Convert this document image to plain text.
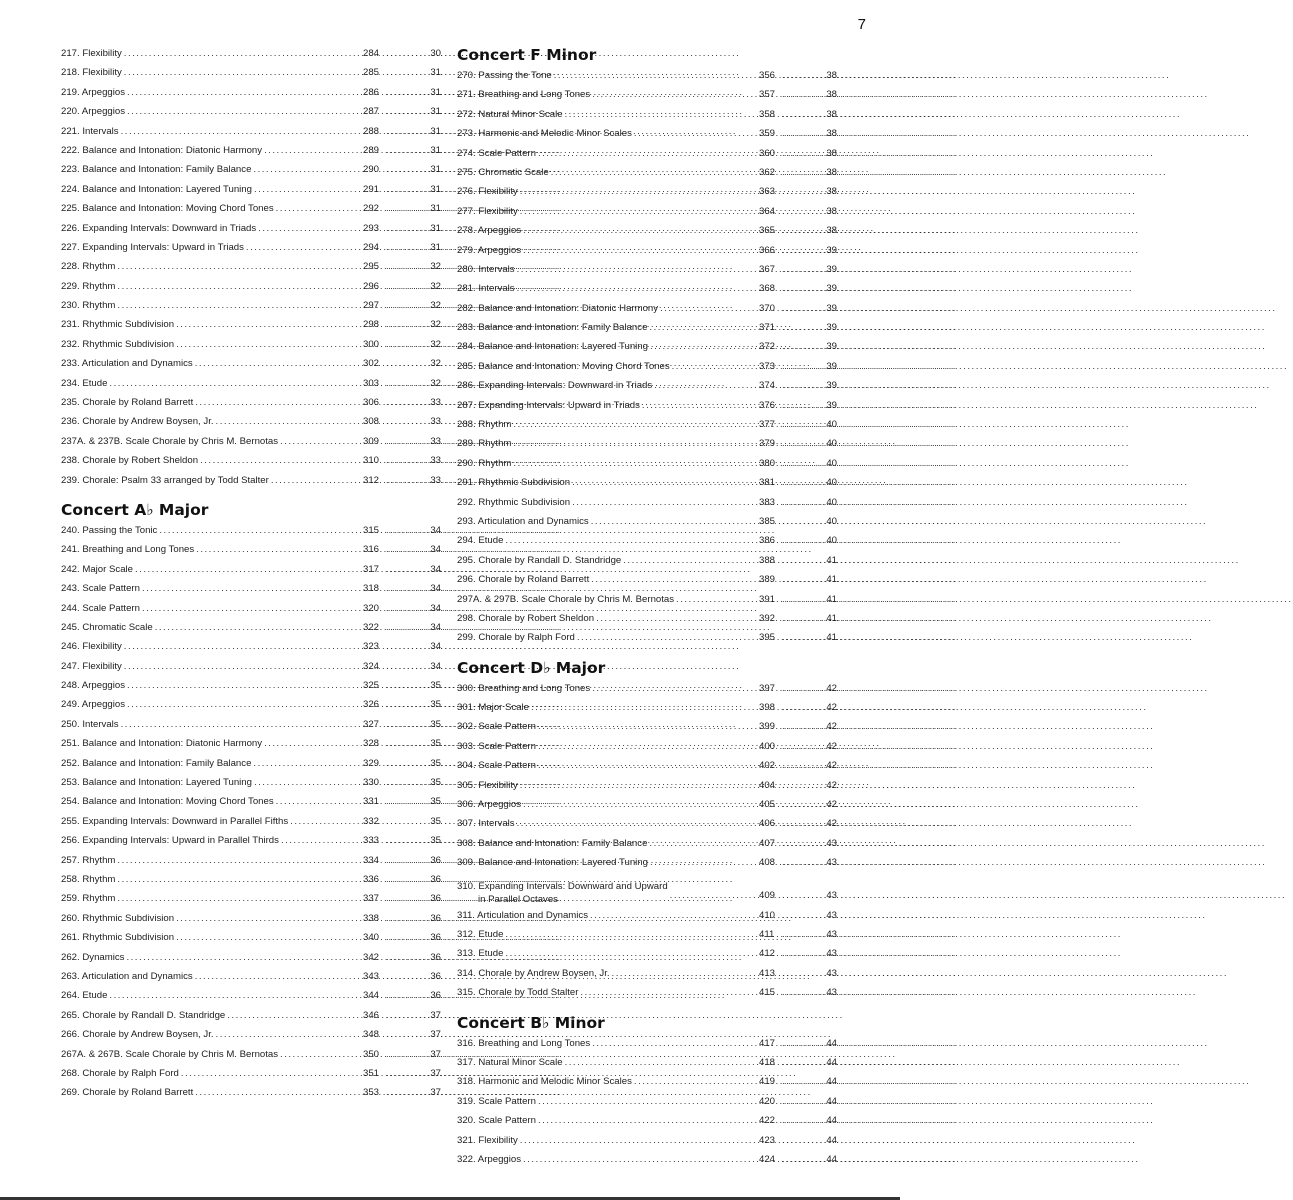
7
217. Flexibility .....	284 .....	30
218. Flexibility .....	285 .....	31
219. Arpeggios .....	286 .....	31
220. Arpeggios .....	287 .....	31
221. Intervals .....	288 .....	31
222. Balance and Intonation: Diatonic Harmony .....	289 .....	31
223. Balance and Intonation: Family Balance .....	290 .....	31
224. Balance and Intonation: Layered Tuning .....	291 .....	31
225. Balance and Intonation: Moving Chord Tones .....	292 .....	31
226. Expanding Intervals: Downward in Triads .....	293 .....	31
227. Expanding Intervals: Upward in Triads .....	294 .....	31
228. Rhythm .....	295 .....	32
229. Rhythm .....	296 .....	32
230. Rhythm .....	297 .....	32
231. Rhythmic Subdivision .....	298 .....	32
232. Rhythmic Subdivision .....	300 .....	32
233. Articulation and Dynamics .....	302 .....	32
234. Etude .....	303 .....	32
235. Chorale by Roland Barrett .....	306 .....	33
236. Chorale by Andrew Boysen, Jr. .....	308 .....	33
237A. & 237B. Scale Chorale by Chris M. Bernotas .....	309 .....	33
238. Chorale by Robert Sheldon .....	310 .....	33
239. Chorale: Psalm 33 arranged by Todd Stalter .....	312 .....	33
Concert A♭ Major
240. Passing the Tonic .....	315 .....	34
241. Breathing and Long Tones .....	316 .....	34
242. Major Scale .....	317 .....	34
243. Scale Pattern .....	318 .....	34
244. Scale Pattern .....	320 .....	34
245. Chromatic Scale .....	322 .....	34
246. Flexibility .....	323 .....	34
247. Flexibility .....	324 .....	34
248. Arpeggios .....	325 .....	35
249. Arpeggios .....	326 .....	35
250. Intervals .....	327 .....	35
251. Balance and Intonation: Diatonic Harmony .....	328 .....	35
252. Balance and Intonation: Family Balance .....	329 .....	35
253. Balance and Intonation: Layered Tuning .....	330 .....	35
254. Balance and Intonation: Moving Chord Tones .....	331 .....	35
255. Expanding Intervals: Downward in Parallel Fifths .....	332 .....	35
256. Expanding Intervals: Upward in Parallel Thirds .....	333 .....	35
257. Rhythm .....	334 .....	36
258. Rhythm .....	336 .....	36
259. Rhythm .....	337 .....	36
260. Rhythmic Subdivision .....	338 .....	36
261. Rhythmic Subdivision .....	340 .....	36
262. Dynamics .....	342 .....	36
263. Articulation and Dynamics .....	343 .....	36
264. Etude .....	344 .....	36
265. Chorale by Randall D. Standridge .....	346 .....	37
266. Chorale by Andrew Boysen, Jr. .....	348 .....	37
267A. & 267B. Scale Chorale by Chris M. Bernotas .....	350 .....	37
268. Chorale by Ralph Ford .....	351 .....	37
269. Chorale by Roland Barrett .....	353 .....	37
Concert F Minor
270. Passing the Tone .....	356 .....	38
271. Breathing and Long Tones .....	357 .....	38
272. Natural Minor Scale .....	358 .....	38
273. Harmonic and Melodic Minor Scales .....	359 .....	38
274. Scale Pattern .....	360 .....	38
275. Chromatic Scale .....	362 .....	38
276. Flexibility .....	363 .....	38
277. Flexibility .....	364 .....	38
278. Arpeggios .....	365 .....	38
279. Arpeggios .....	366 .....	39
280. Intervals .....	367 .....	39
281. Intervals .....	368 .....	39
282. Balance and Intonation: Diatonic Harmony .....	370 .....	39
283. Balance and Intonation: Family Balance .....	371 .....	39
284. Balance and Intonation: Layered Tuning .....	372 .....	39
285. Balance and Intonation: Moving Chord Tones .....	373 .....	39
286. Expanding Intervals: Downward in Triads .....	374 .....	39
287. Expanding Intervals: Upward in Triads .....	376 .....	39
288. Rhythm .....	377 .....	40
289. Rhythm .....	379 .....	40
290. Rhythm .....	380 .....	40
291. Rhythmic Subdivision .....	381 .....	40
292. Rhythmic Subdivision .....	383 .....	40
293. Articulation and Dynamics .....	385 .....	40
294. Etude .....	386 .....	40
295. Chorale by Randall D. Standridge .....	388 .....	41
296. Chorale by Roland Barrett .....	389 .....	41
297A. & 297B. Scale Chorale by Chris M. Bernotas .....	391 .....	41
298. Chorale by Robert Sheldon .....	392 .....	41
299. Chorale by Ralph Ford .....	395 .....	41
Concert D♭ Major
300. Breathing and Long Tones .....	397 .....	42
301. Major Scale .....	398 .....	42
302. Scale Pattern .....	399 .....	42
303. Scale Pattern .....	400 .....	42
304. Scale Pattern .....	402 .....	42
305. Flexibility .....	404 .....	42
306. Arpeggios .....	405 .....	42
307. Intervals .....	406 .....	42
308. Balance and Intonation: Family Balance .....	407 .....	43
309. Balance and Intonation: Layered Tuning .....	408 .....	43
310. Expanding Intervals: Downward and Upward
in Parallel Octaves .....	409 .....	43
311. Articulation and Dynamics .....	410 .....	43
312. Etude .....	411 .....	43
313. Etude .....	412 .....	43
314. Chorale by Andrew Boysen, Jr. .....	413 .....	43
315. Chorale by Todd Stalter .....	415 .....	43
Concert B♭ Minor
316. Breathing and Long Tones .....	417 .....	44
317. Natural Minor Scale .....	418 .....	44
318. Harmonic and Melodic Minor Scales .....	419 .....	44
319. Scale Pattern .....	420 .....	44
320. Scale Pattern .....	422 .....	44
321. Flexibility .....	423 .....	44
322. Arpeggios .....	424 .....	44
